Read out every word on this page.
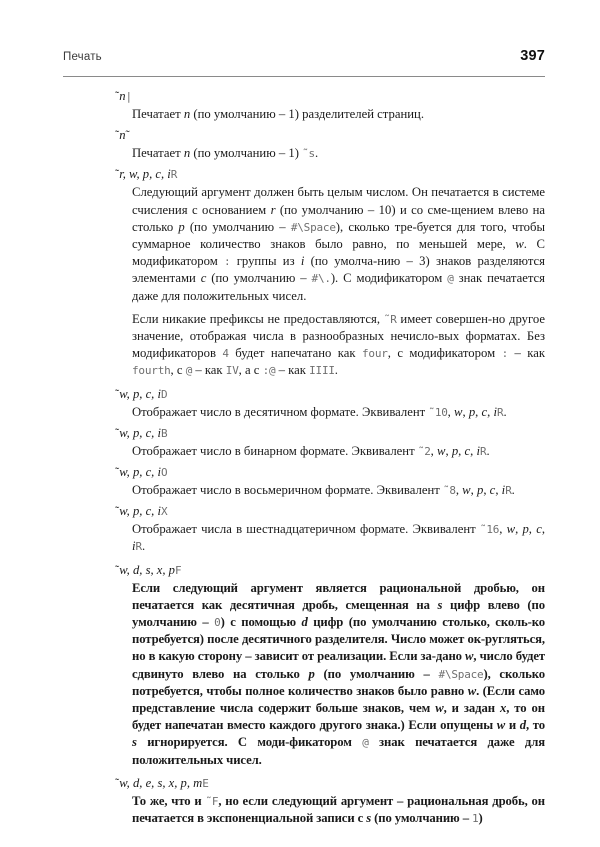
Печать	397

˜n|

Печатает n (по умолчанию – 1) разделителей страниц.

˜n˜

Печатает n (по умолчанию – 1) ˜s.

˜r, w, p, c, iR

Следующий аргумент должен быть целым числом. Он печатается в системе счисления с основанием r (по умолчанию – 10) и со сме‑щением влево на столько p (по умолчанию – #\Space), сколько тре‑буется для того, чтобы суммарное количество знаков было равно, по меньшей мере, w. С модификатором : группы из i (по умолча‑нию – 3) знаков разделяются элементами c (по умолчанию – #\.). С модификатором @ знак печатается даже для положительных чисел.

Если никакие префиксы не предоставляются, ˜R имеет совершен‑но другое значение, отображая числа в разнообразных нечисло‑вых форматах. Без модификаторов 4 будет напечатано как four, с модификатором : – как fourth, с @ – как IV, а с :@ – как IIII.

˜w, p, c, iD

Отображает число в десятичном формате. Эквивалент ˜10, w, p, c, iR.

˜w, p, c, iB

Отображает число в бинарном формате. Эквивалент ˜2, w, p, c, iR.

˜w, p, c, iO

Отображает число в восьмеричном формате. Эквивалент ˜8, w, p, c, iR.

˜w, p, c, iX

Отображает числа в шестнадцатеричном формате. Эквивалент ˜16, w, p, c, iR.

˜w, d, s, x, pF

Если следующий аргумент является рациональной дробью, он печатается как десятичная дробь, смещенная на s цифр влево (по умолчанию – 0) с помощью d цифр (по умолчанию столько, сколь‑ко потребуется) после десятичного разделителя. Число может ок‑ругляться, но в какую сторону – зависит от реализации. Если за‑дано w, число будет сдвинуто влево на столько p (по умолчанию – #\Space), сколько потребуется, чтобы полное количество знаков было равно w. (Если само представление числа содержит больше знаков, чем w, и задан x, то он будет напечатан вместо каждого другого знака.) Если опущены w и d, то s игнорируется. С моди‑фикатором @ знак печатается даже для положительных чисел.

˜w, d, e, s, x, p, mE

То же, что и ˜F, но если следующий аргумент – рациональная дробь, он печатается в экспоненциальной записи с s (по умолчанию – 1)
